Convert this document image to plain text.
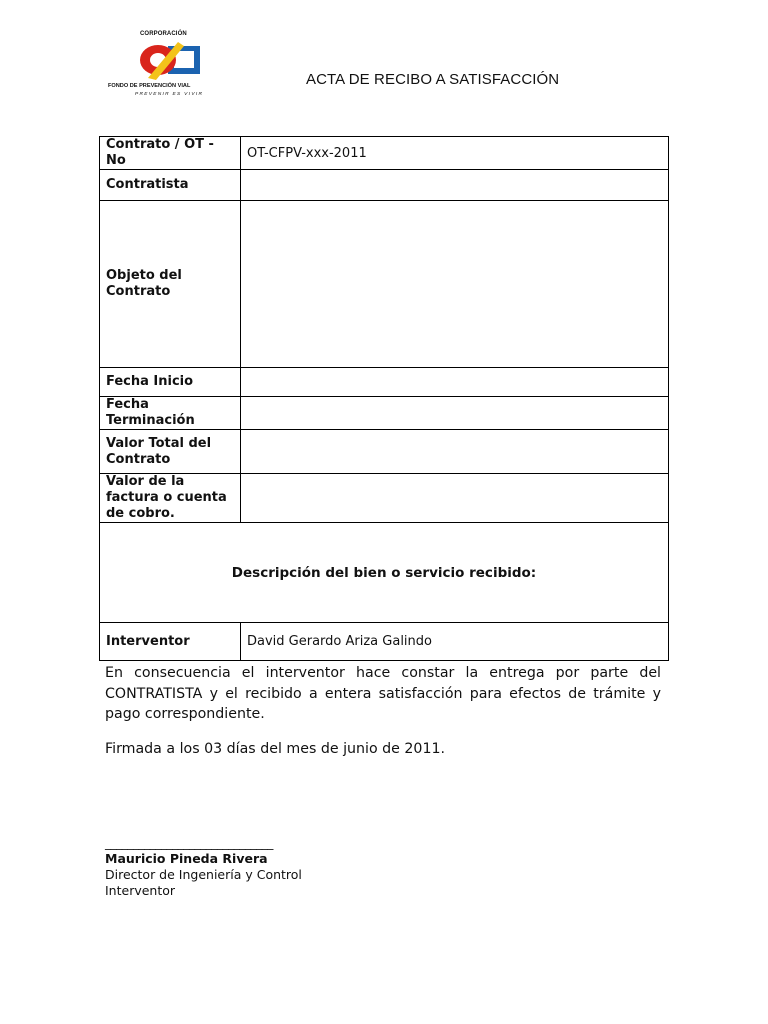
CORPORACIÓN
FONDO DE PREVENCIÓN VIAL
PREVENIR ES VIVIR
ACTA DE RECIBO A SATISFACCIÓN
Contrato / OT - No	OT-CFPV-xxx-2011
Contratista	
Objeto del Contrato	
Fecha Inicio	
Fecha Terminación	
Valor Total del Contrato	
Valor de la factura o cuenta de cobro.	
Descripción del bien o servicio recibido:	
Interventor	David Gerardo Ariza Galindo
En consecuencia el interventor hace constar la entrega por parte del CONTRATISTA y el recibido a entera satisfacción para efectos de trámite y pago correspondiente.
Firmada a los 03 días del mes de junio de 2011.
______________________________
Mauricio Pineda Rivera
Director de Ingeniería y Control
Interventor
